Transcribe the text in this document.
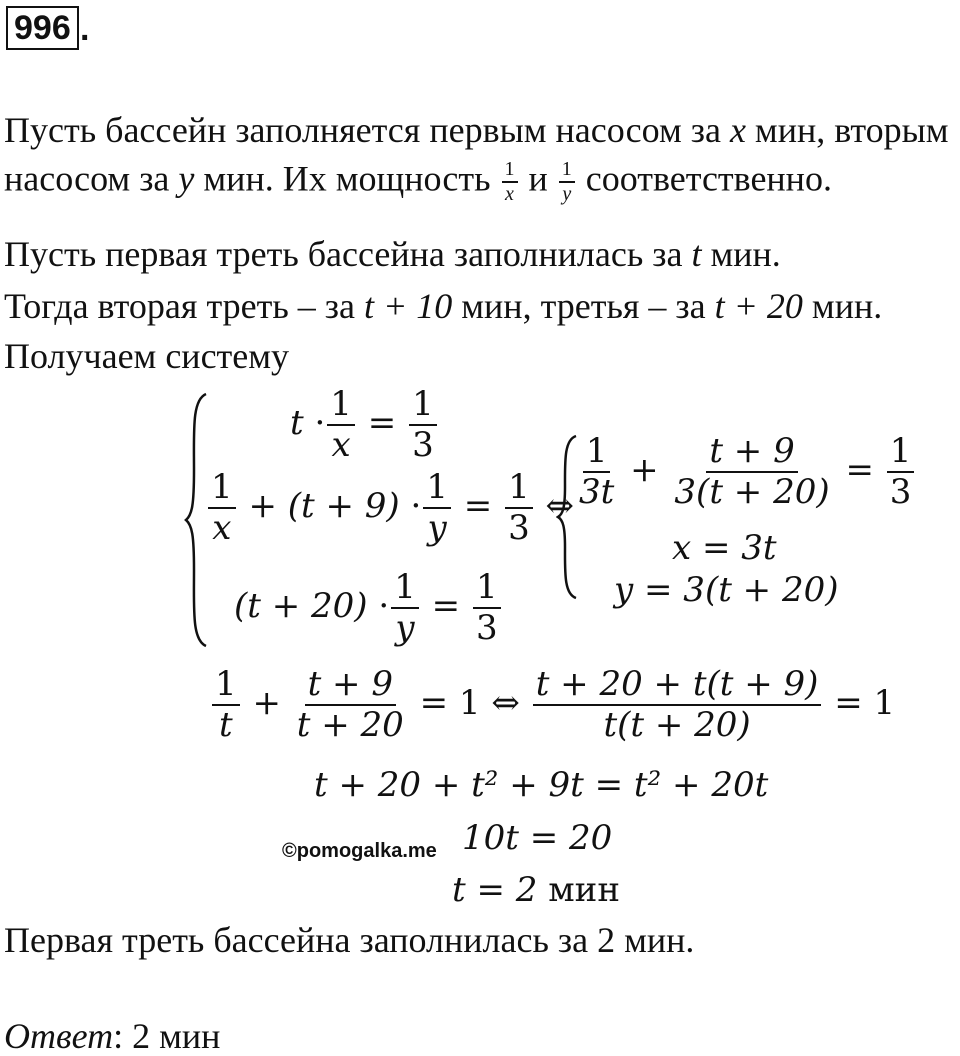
996 .
Пусть бассейн заполняется первым насосом за x мин, вторым
насосом за y мин. Их мощность $\frac{1}{x}$ и $\frac{1}{y}$ соответственно.
Пусть первая треть бассейна заполнилась за t мин.
Тогда вторая треть – за t + 10 мин, третья – за t + 20 мин.
Получаем систему
$t \cdot \frac{1}{x} = \frac{1}{3}$
$\frac{1}{x} + (t + 9) \cdot \frac{1}{y} = \frac{1}{3}$ ⇔
$(t + 20) \cdot \frac{1}{y} = \frac{1}{3}$
$\frac{1}{3t} + \frac{t + 9}{3(t + 20)} = \frac{1}{3}$
x = 3t
y = 3(t + 20)
$\frac{1}{t} + \frac{t + 9}{t + 20} = 1$ ⇔ $\frac{t + 20 + t(t + 9)}{t(t + 20)} = 1$
t + 20 + t² + 9t = t² + 20t
©pomogalka.me 10t = 20
t = 2 мин
Первая треть бассейна заполнилась за 2 мин.
Ответ: 2 мин
